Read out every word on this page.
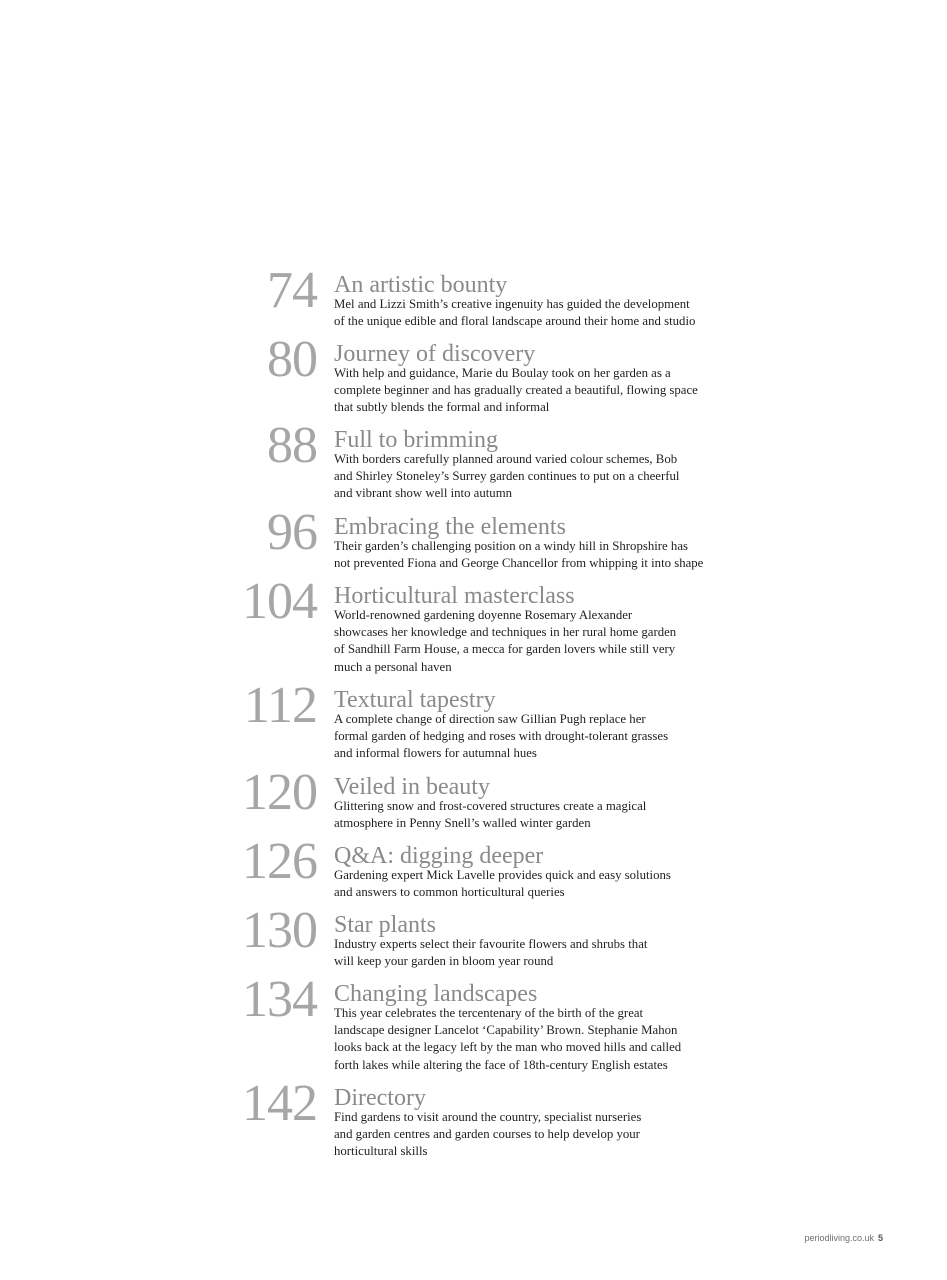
74 An artistic bounty
Mel and Lizzi Smith’s creative ingenuity has guided the development
of the unique edible and floral landscape around their home and studio
80 Journey of discovery
With help and guidance, Marie du Boulay took on her garden as a
complete beginner and has gradually created a beautiful, flowing space
that subtly blends the formal and informal
88 Full to brimming
With borders carefully planned around varied colour schemes, Bob
and Shirley Stoneley’s Surrey garden continues to put on a cheerful
and vibrant show well into autumn
96 Embracing the elements
Their garden’s challenging position on a windy hill in Shropshire has
not prevented Fiona and George Chancellor from whipping it into shape
104 Horticultural masterclass
World-renowned gardening doyenne Rosemary Alexander
showcases her knowledge and techniques in her rural home garden
of Sandhill Farm House, a mecca for garden lovers while still very
much a personal haven
112 Textural tapestry
A complete change of direction saw Gillian Pugh replace her
formal garden of hedging and roses with drought-tolerant grasses
and informal flowers for autumnal hues
120 Veiled in beauty
Glittering snow and frost-covered structures create a magical
atmosphere in Penny Snell’s walled winter garden
126 Q&A: digging deeper
Gardening expert Mick Lavelle provides quick and easy solutions
and answers to common horticultural queries
130 Star plants
Industry experts select their favourite flowers and shrubs that
will keep your garden in bloom year round
134 Changing landscapes
This year celebrates the tercentenary of the birth of the great
landscape designer Lancelot ‘Capability’ Brown. Stephanie Mahon
looks back at the legacy left by the man who moved hills and called
forth lakes while altering the face of 18th-century English estates
142 Directory
Find gardens to visit around the country, specialist nurseries
and garden centres and garden courses to help develop your
horticultural skills
periodliving.co.uk 5
